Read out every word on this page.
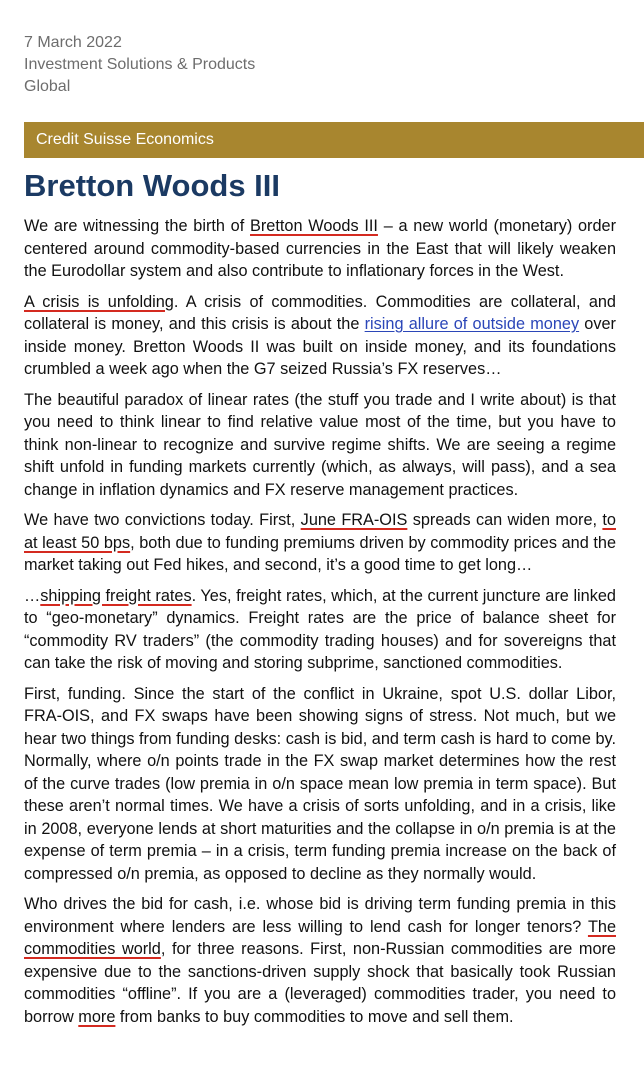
7 March 2022
Investment Solutions & Products
Global
Credit Suisse Economics
Bretton Woods III

We are witnessing the birth of Bretton Woods III – a new world (monetary) order centered around commodity-based currencies in the East that will likely weaken the Eurodollar system and also contribute to inflationary forces in the West.

A crisis is unfolding. A crisis of commodities. Commodities are collateral, and collateral is money, and this crisis is about the rising allure of outside money over inside money. Bretton Woods II was built on inside money, and its foundations crumbled a week ago when the G7 seized Russia’s FX reserves…

The beautiful paradox of linear rates (the stuff you trade and I write about) is that you need to think linear to find relative value most of the time, but you have to think non-linear to recognize and survive regime shifts. We are seeing a regime shift unfold in funding markets currently (which, as always, will pass), and a sea change in inflation dynamics and FX reserve management practices.

We have two convictions today. First, June FRA-OIS spreads can widen more, to at least 50 bps, both due to funding premiums driven by commodity prices and the market taking out Fed hikes, and second, it’s a good time to get long…

…shipping freight rates. Yes, freight rates, which, at the current juncture are linked to “geo-monetary” dynamics. Freight rates are the price of balance sheet for “commodity RV traders” (the commodity trading houses) and for sovereigns that can take the risk of moving and storing subprime, sanctioned commodities.

First, funding. Since the start of the conflict in Ukraine, spot U.S. dollar Libor, FRA-OIS, and FX swaps have been showing signs of stress. Not much, but we hear two things from funding desks: cash is bid, and term cash is hard to come by. Normally, where o/n points trade in the FX swap market determines how the rest of the curve trades (low premia in o/n space mean low premia in term space). But these aren’t normal times. We have a crisis of sorts unfolding, and in a crisis, like in 2008, everyone lends at short maturities and the collapse in o/n premia is at the expense of term premia – in a crisis, term funding premia increase on the back of compressed o/n premia, as opposed to decline as they normally would.

Who drives the bid for cash, i.e. whose bid is driving term funding premia in this environment where lenders are less willing to lend cash for longer tenors? The commodities world, for three reasons. First, non-Russian commodities are more expensive due to the sanctions-driven supply shock that basically took Russian commodities “offline”. If you are a (leveraged) commodities trader, you need to borrow more from banks to buy commodities to move and sell them.
